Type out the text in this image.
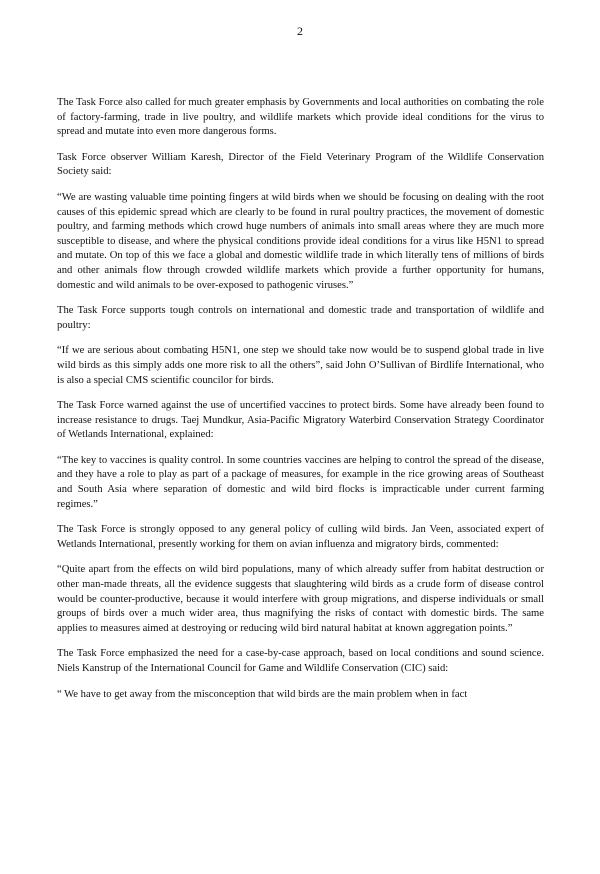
2

The Task Force also called for much greater emphasis by Governments and local authorities on combating the role of factory-farming, trade in live poultry, and wildlife markets which provide ideal conditions for the virus to spread and mutate into even more dangerous forms.

Task Force observer William Karesh, Director of the Field Veterinary Program of the Wildlife Conservation Society said:

“We are wasting valuable time pointing fingers at wild birds when we should be focusing on dealing with the root causes of this epidemic spread which are clearly to be found in rural poultry practices, the movement of domestic poultry, and farming methods which crowd huge numbers of animals into small areas where they are much more susceptible to disease, and where the physical conditions provide ideal conditions for a virus like H5N1 to spread and mutate. On top of this we face a global and domestic wildlife trade in which literally tens of millions of birds and other animals flow through crowded wildlife markets which provide a further opportunity for humans, domestic and wild animals to be over-exposed to pathogenic viruses.”

The Task Force supports tough controls on international and domestic trade and transportation of wildlife and poultry:

“If we are serious about combating H5N1, one step we should take now would be to suspend global trade in live wild birds as this simply adds one more risk to all the others”, said John O’Sullivan of Birdlife International, who is also a special CMS scientific councilor for birds.

The Task Force warned against the use of uncertified vaccines to protect birds. Some have already been found to increase resistance to drugs. Taej Mundkur, Asia-Pacific Migratory Waterbird Conservation Strategy Coordinator of Wetlands International, explained:

“The key to vaccines is quality control. In some countries vaccines are helping to control the spread of the disease, and they have a role to play as part of a package of measures, for example in the rice growing areas of Southeast and South Asia where separation of domestic and wild bird flocks is impracticable under current farming regimes.”

The Task Force is strongly opposed to any general policy of culling wild birds. Jan Veen, associated expert of Wetlands International, presently working for them on avian influenza and migratory birds, commented:

“Quite apart from the effects on wild bird populations, many of which already suffer from habitat destruction or other man-made threats, all the evidence suggests that slaughtering wild birds as a crude form of disease control would be counter-productive, because it would interfere with group migrations, and disperse individuals or small groups of birds over a much wider area, thus magnifying the risks of contact with domestic birds. The same applies to measures aimed at destroying or reducing wild bird natural habitat at known aggregation points.”

The Task Force emphasized the need for a case-by-case approach, based on local conditions and sound science. Niels Kanstrup of the International Council for Game and Wildlife Conservation (CIC) said:

“ We have to get away from the misconception that wild birds are the main problem when in fact
